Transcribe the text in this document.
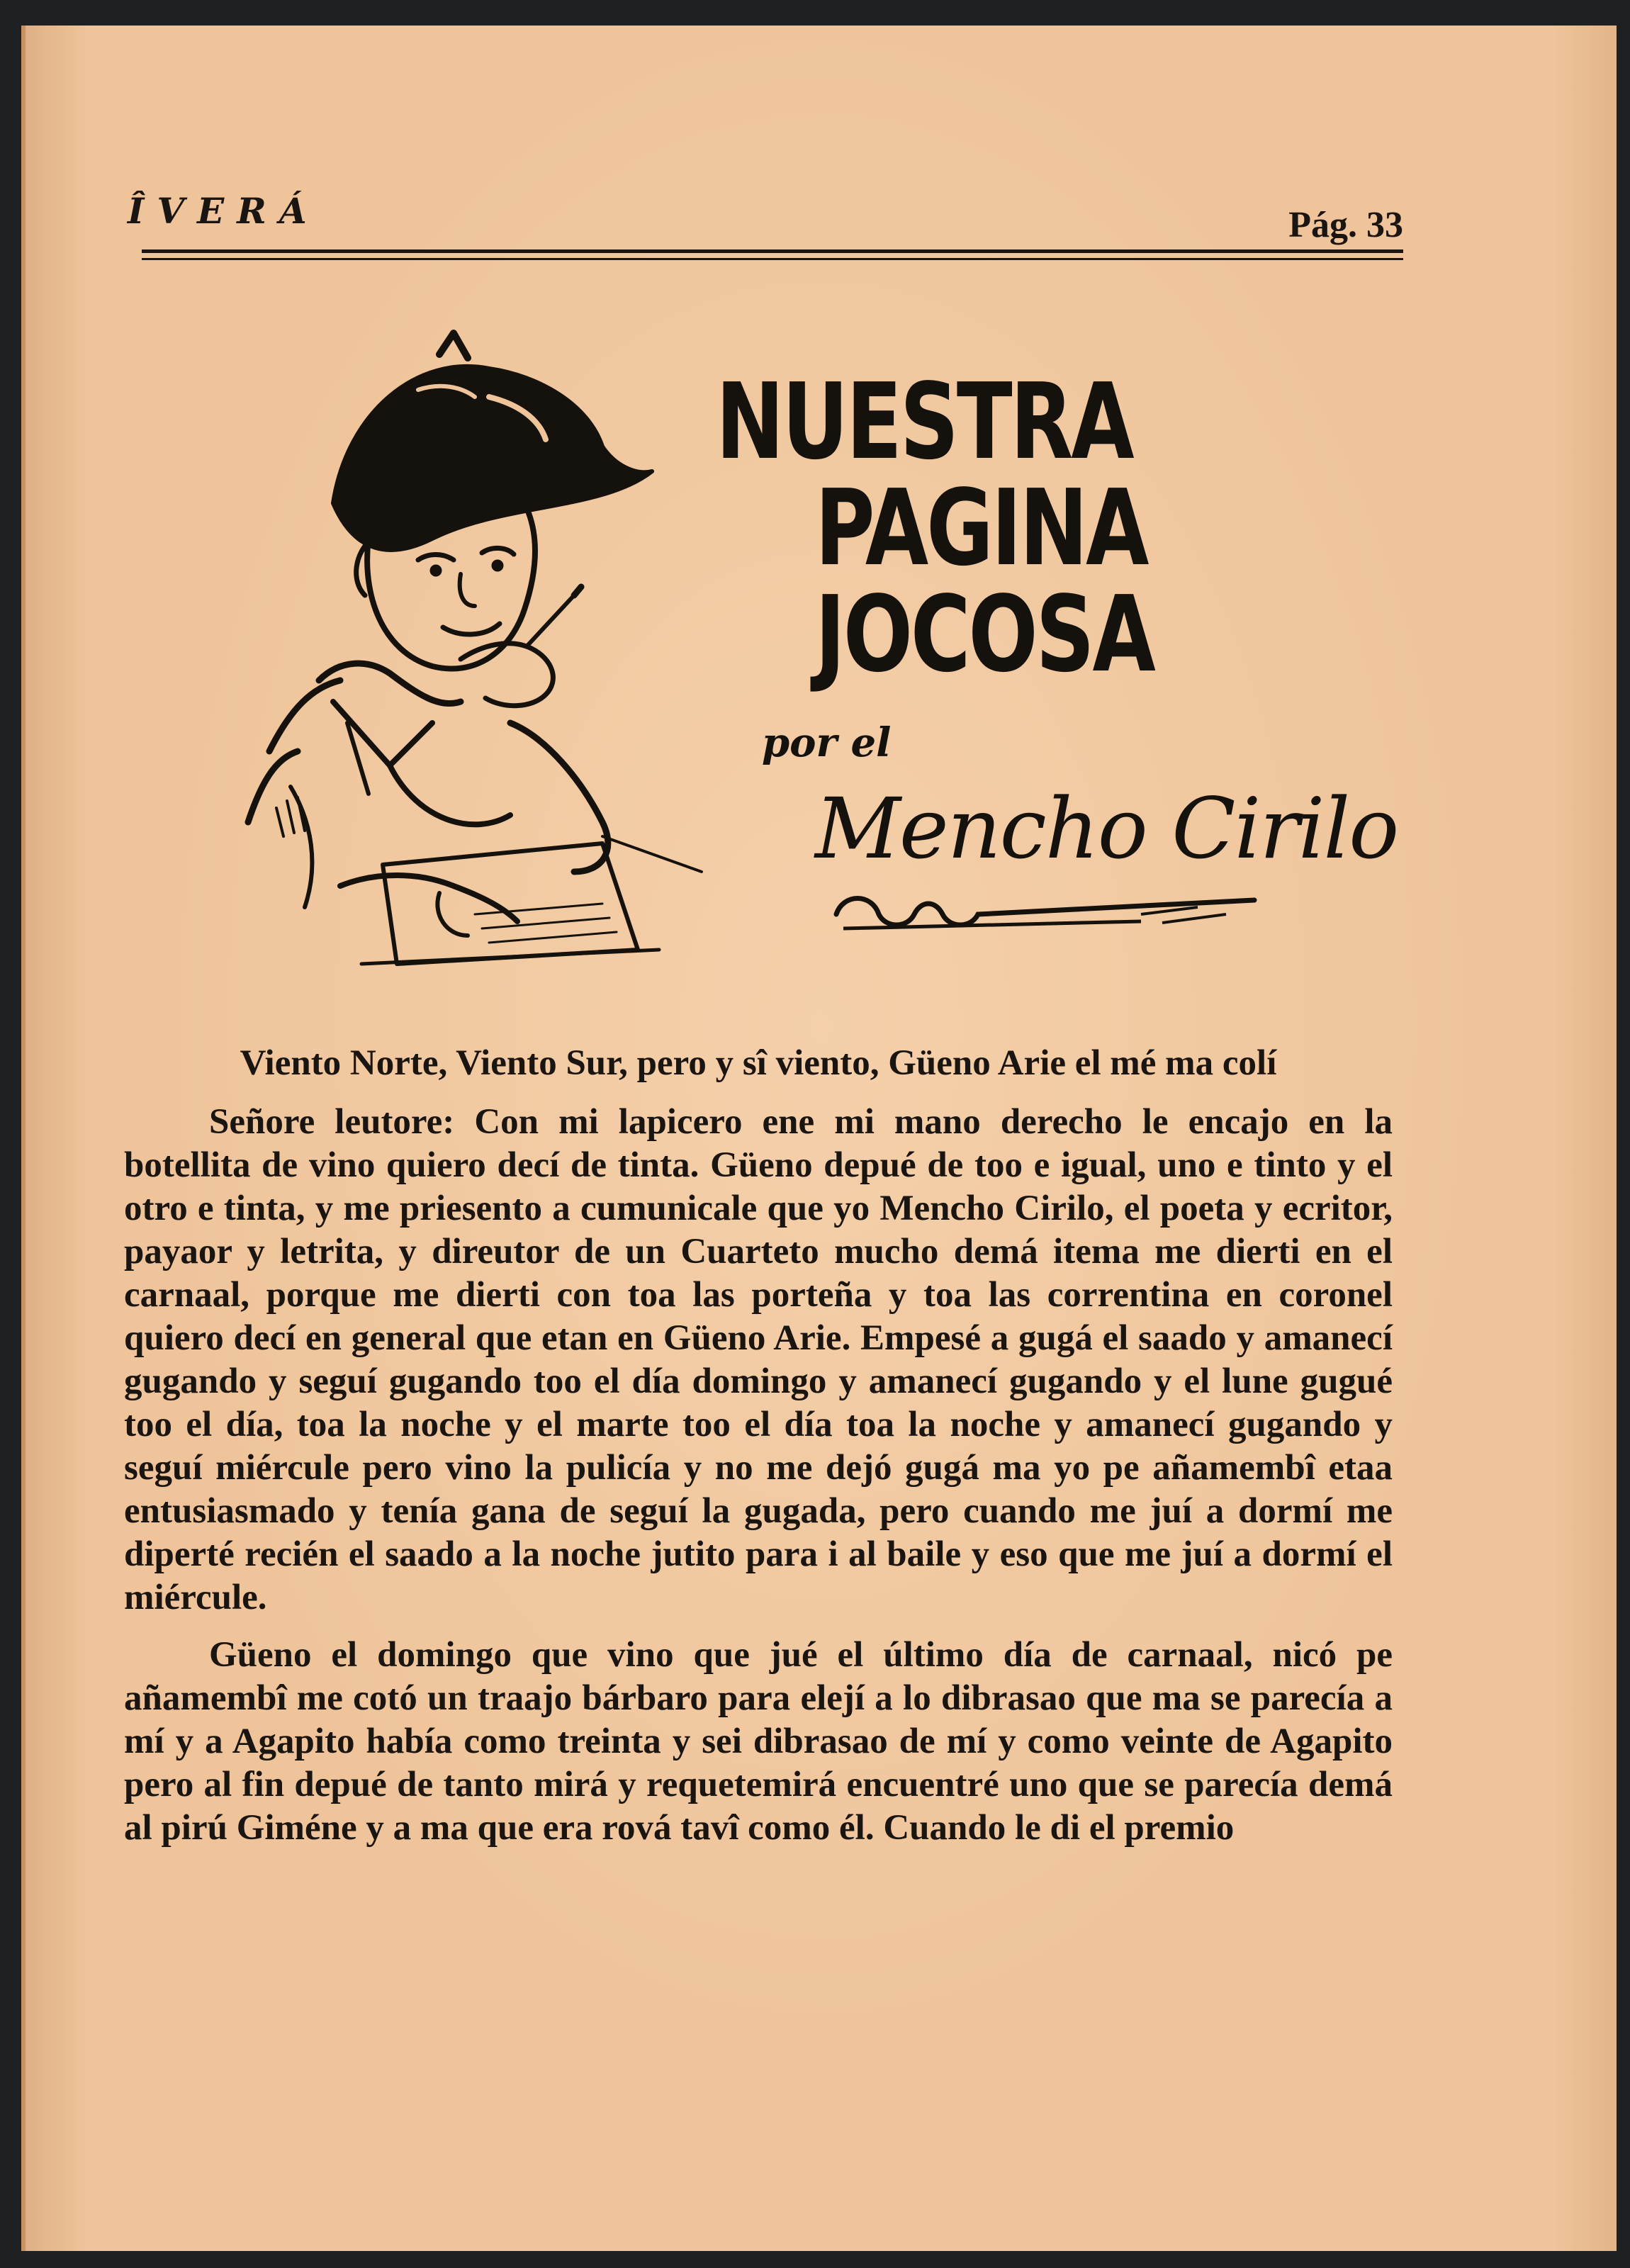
ÎVERÁ	Pág. 33
NUESTRA
PAGINA
JOCOSA
por el
Mencho Cirilo
Viento Norte, Viento Sur, pero y sî viento, Güeno Arie el mé ma colí

Señore leutore: Con mi lapicero ene mi mano derecho le encajo en la botellita de vino quiero decí de tinta. Güeno depué de too e igual, uno e tinto y el otro e tinta, y me priesento a cumunicale que yo Mencho Cirilo, el poeta y ecritor, payaor y letrita, y direutor de un Cuarteto mucho demá itema me dierti en el carnaal, porque me dierti con toa las porteña y toa las correntina en coronel quiero decí en general que etan en Güeno Arie. Empesé a gugá el saado y amanecí gugando y seguí gugando too el día domingo y amanecí gugando y el lune gugué too el día, toa la noche y el marte too el día toa la noche y amanecí gugando y seguí miércule pero vino la pulicía y no me dejó gugá ma yo pe añamembî etaa entusiasmado y tenía gana de seguí la gugada, pero cuando me juí a dormí me diperté recién el saado a la noche jutito para i al baile y eso que me juí a dormí el miércule.

Güeno el domingo que vino que jué el último día de carnaal, nicó pe añamembî me cotó un traajo bárbaro para elejí a lo dibrasao que ma se parecía a mí y a Agapito había como treinta y sei dibrasao de mí y como veinte de Agapito pero al fin depué de tanto mirá y requetemirá encuentré uno que se parecía demá al pirú Giméne y a ma que era rová tavî como él. Cuando le di el premio
